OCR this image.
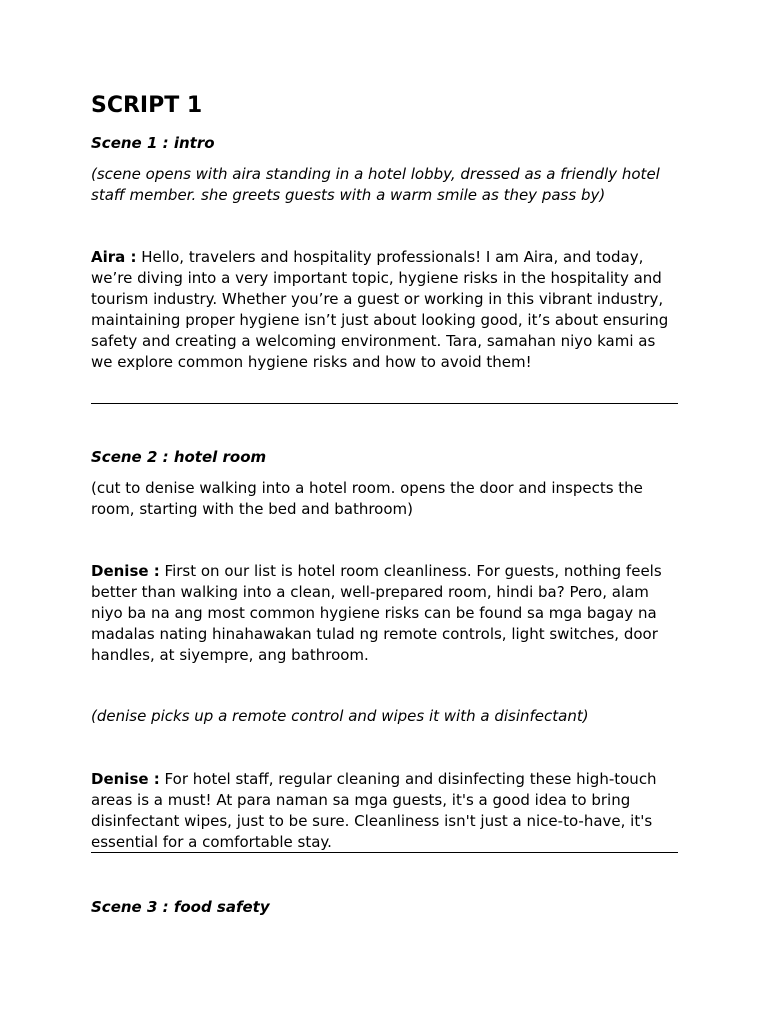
SCRIPT 1

Scene 1 : intro

(scene opens with aira standing in a hotel lobby, dressed as a friendly hotel staff member. she greets guests with a warm smile as they pass by)

Aira : Hello, travelers and hospitality professionals! I am Aira, and today, we’re diving into a very important topic, hygiene risks in the hospitality and tourism industry. Whether you’re a guest or working in this vibrant industry, maintaining proper hygiene isn’t just about looking good, it’s about ensuring safety and creating a welcoming environment. Tara, samahan niyo kami as we explore common hygiene risks and how to avoid them!

Scene 2 : hotel room

(cut to denise walking into a hotel room. opens the door and inspects the room, starting with the bed and bathroom)

Denise : First on our list is hotel room cleanliness. For guests, nothing feels better than walking into a clean, well-prepared room, hindi ba? Pero, alam niyo ba na ang most common hygiene risks can be found sa mga bagay na madalas nating hinahawakan tulad ng remote controls, light switches, door handles, at siyempre, ang bathroom.

(denise picks up a remote control and wipes it with a disinfectant)

Denise : For hotel staff, regular cleaning and disinfecting these high-touch areas is a must! At para naman sa mga guests, it's a good idea to bring disinfectant wipes, just to be sure. Cleanliness isn't just a nice-to-have, it's essential for a comfortable stay.

Scene 3 : food safety
